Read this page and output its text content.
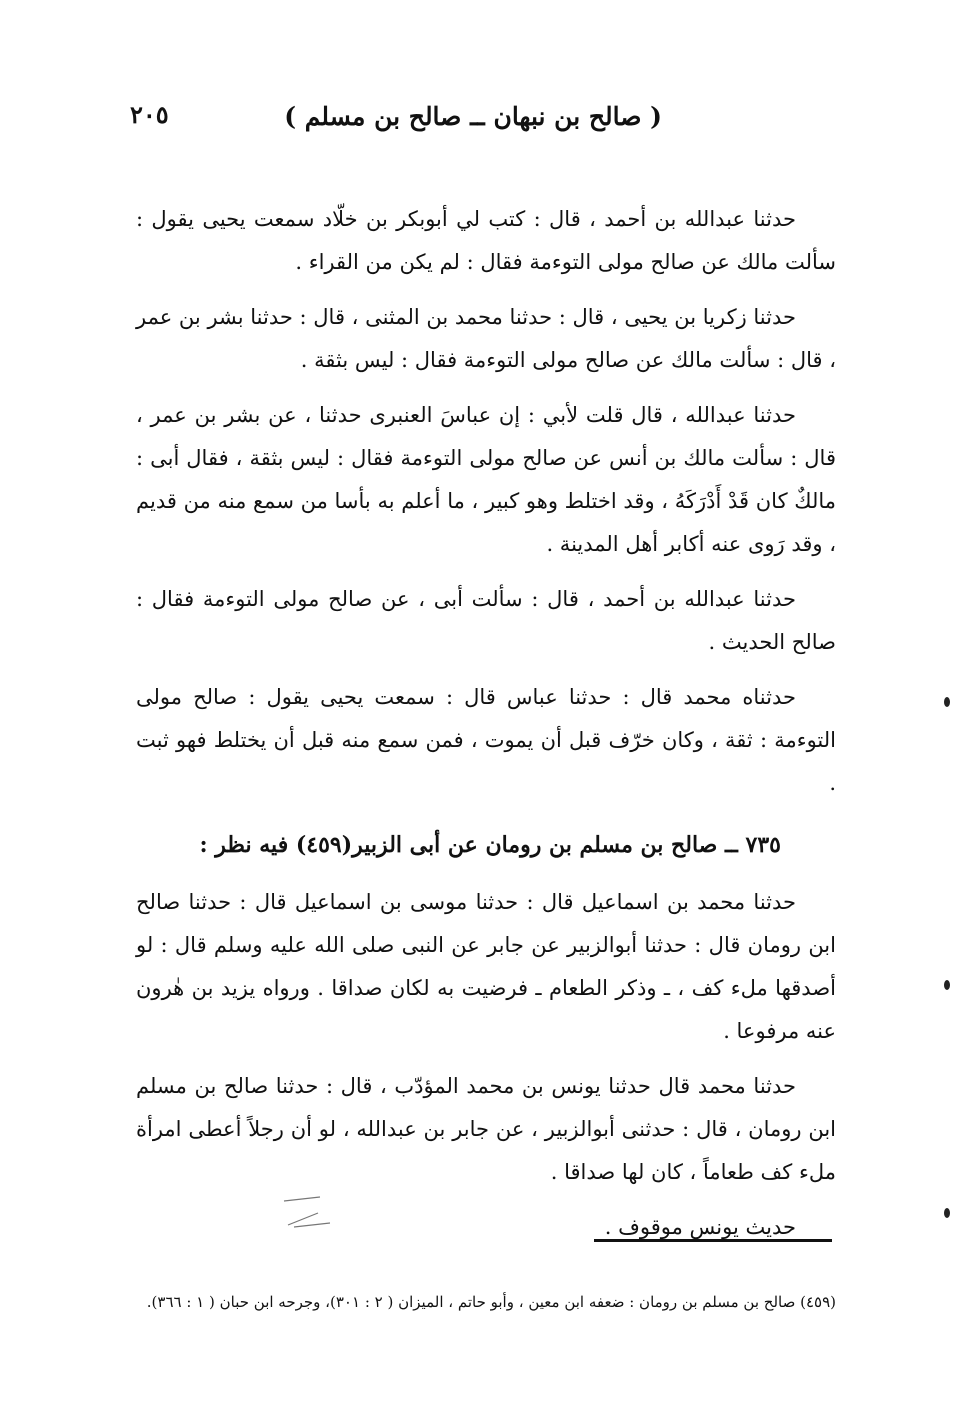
٢٠٥	( صالح بن نبهان ــ صالح بن مسلم )

حدثنا عبدالله بن أحمد ، قال : كتب لي أبوبكر بن خلّاد سمعت يحيى يقول : سألت مالك عن صالح مولى التوءمة فقال : لم يكن من القراء .

حدثنا زكريا بن يحيى ، قال : حدثنا محمد بن المثنى ، قال : حدثنا بشر بن عمر ، قال : سألت مالك عن صالح مولى التوءمة فقال : ليس بثقة .

حدثنا عبدالله ، قال قلت لأبي : إن عباسَ العنبرى حدثنا ، عن بشر بن عمر ، قال : سألت مالك بن أنس عن صالح مولى التوءمة فقال : ليس بثقة ، فقال أبى : مالكٌ كان قَدْ أَدْرَكَهُ ، وقد اختلط وهو كبير ، ما أعلم به بأسا من سمع منه من قديم ، وقد رَوى عنه أكابر أهل المدينة .

حدثنا عبدالله بن أحمد ، قال : سألت أبى ، عن صالح مولى التوءمة فقال : صالح الحديث .

حدثناه محمد قال : حدثنا عباس قال : سمعت يحيى يقول : صالح مولى التوءمة : ثقة ، وكان خرّف قبل أن يموت ، فمن سمع منه قبل أن يختلط فهو ثبت .

٧٣٥ ــ صالح بن مسلم بن رومان عن أبى الزبير(٤٥٩) فيه نظر :

حدثنا محمد بن اسماعيل قال : حدثنا موسى بن اسماعيل قال : حدثنا صالح ابن رومان قال : حدثنا أبوالزبير عن جابر عن النبى صلى الله عليه وسلم قال : لو أصدقها ملء كف ، ـ وذكر الطعام ـ فرضيت به لكان صداقا . ورواه يزيد بن هٰرون عنه مرفوعا .

حدثنا محمد قال حدثنا يونس بن محمد المؤدّب ، قال : حدثنا صالح بن مسلم ابن رومان ، قال : حدثنى أبوالزبير ، عن جابر بن عبدالله ، لو أن رجلاً أعطى امرأة ملء كف طعاماً ، كان لها صداقا .

حديث يونس موقوف .

(٤٥٩) صالح بن مسلم بن رومان : ضعفه ابن معين ، وأبو حاتم ، الميزان ( ٢ : ٣٠١)، وجرحه ابن حبان ( ١ : ٣٦٦).
